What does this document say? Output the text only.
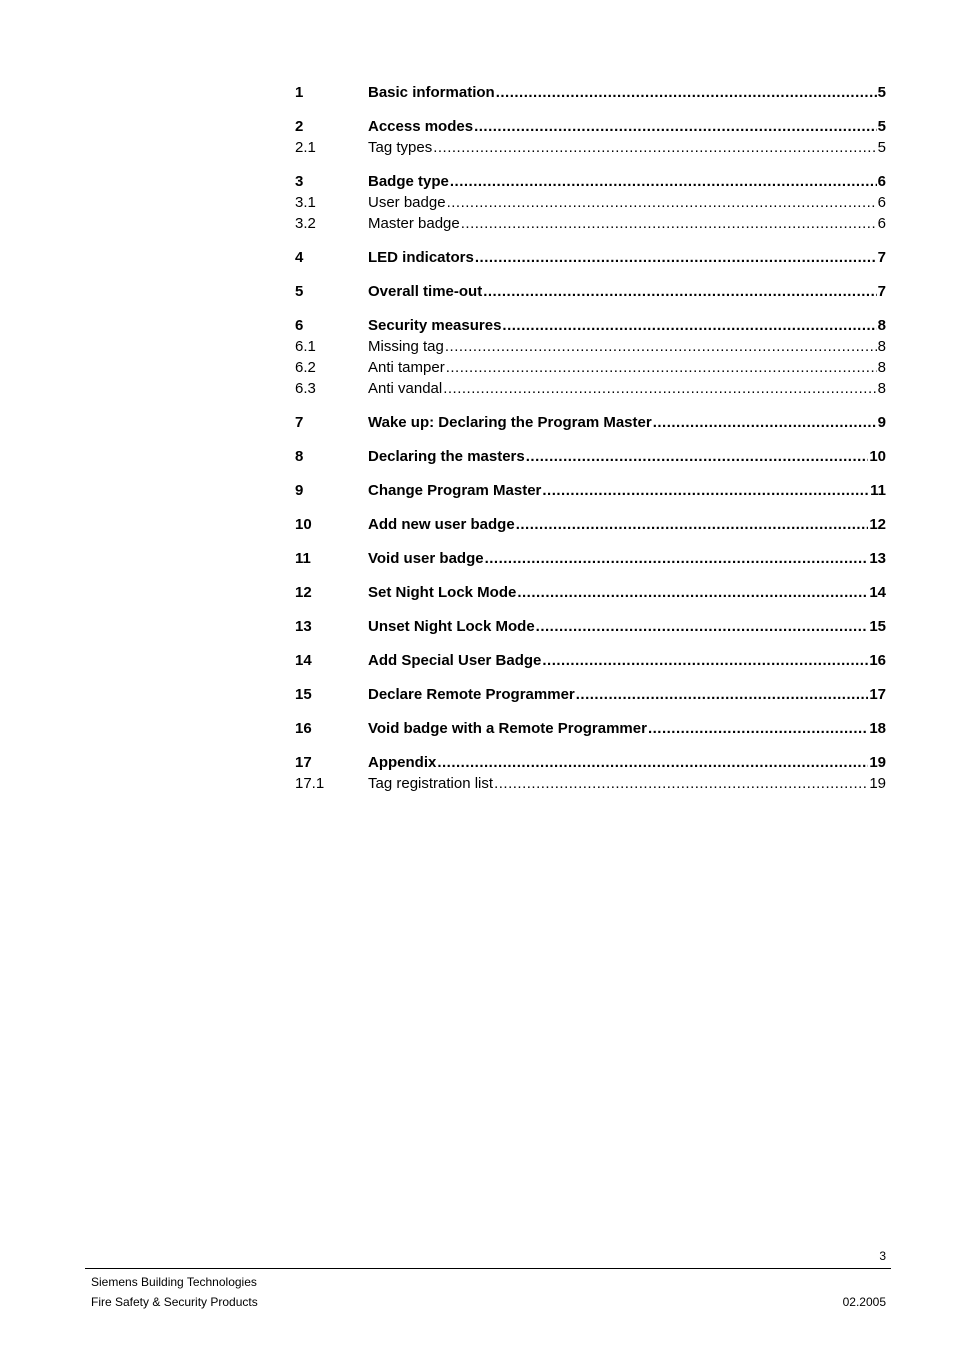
1	Basic information .....	5
2	Access modes .....	5
2.1	Tag types .....	5
3	Badge type .....	6
3.1	User badge .....	6
3.2	Master badge .....	6
4	LED indicators .....	7
5	Overall time-out .....	7
6	Security measures .....	8
6.1	Missing tag .....	8
6.2	Anti tamper .....	8
6.3	Anti vandal .....	8
7	Wake up: Declaring the Program Master .....	9
8	Declaring the masters .....	10
9	Change Program Master .....	11
10	Add new user badge .....	12
11	Void user badge .....	13
12	Set Night Lock Mode .....	14
13	Unset Night Lock Mode .....	15
14	Add Special User Badge .....	16
15	Declare Remote Programmer .....	17
16	Void badge with a Remote Programmer .....	18
17	Appendix .....	19
17.1	Tag registration list .....	19
3
Siemens Building Technologies
Fire Safety & Security Products	02.2005
